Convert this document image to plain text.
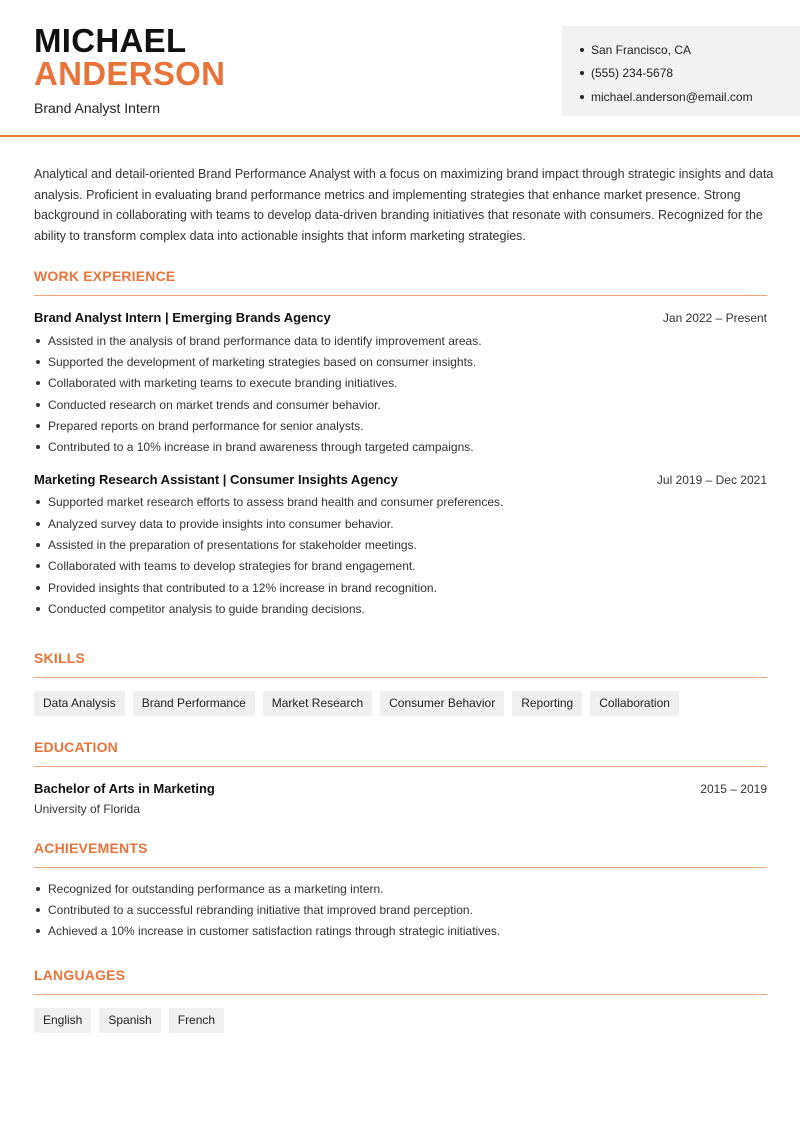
MICHAEL
ANDERSON
Brand Analyst Intern
San Francisco, CA
(555) 234-5678
michael.anderson@email.com

Analytical and detail-oriented Brand Performance Analyst with a focus on maximizing brand impact through strategic insights and data analysis. Proficient in evaluating brand performance metrics and implementing strategies that enhance market presence. Strong background in collaborating with teams to develop data-driven branding initiatives that resonate with consumers. Recognized for the ability to transform complex data into actionable insights that inform marketing strategies.

WORK EXPERIENCE
Brand Analyst Intern | Emerging Brands Agency	Jan 2022 – Present
Assisted in the analysis of brand performance data to identify improvement areas.
Supported the development of marketing strategies based on consumer insights.
Collaborated with marketing teams to execute branding initiatives.
Conducted research on market trends and consumer behavior.
Prepared reports on brand performance for senior analysts.
Contributed to a 10% increase in brand awareness through targeted campaigns.
Marketing Research Assistant | Consumer Insights Agency	Jul 2019 – Dec 2021
Supported market research efforts to assess brand health and consumer preferences.
Analyzed survey data to provide insights into consumer behavior.
Assisted in the preparation of presentations for stakeholder meetings.
Collaborated with teams to develop strategies for brand engagement.
Provided insights that contributed to a 12% increase in brand recognition.
Conducted competitor analysis to guide branding decisions.
SKILLS
Data Analysis	Brand Performance	Market Research	Consumer Behavior	Reporting	Collaboration
EDUCATION
Bachelor of Arts in Marketing	2015 – 2019
University of Florida
ACHIEVEMENTS
Recognized for outstanding performance as a marketing intern.
Contributed to a successful rebranding initiative that improved brand perception.
Achieved a 10% increase in customer satisfaction ratings through strategic initiatives.
LANGUAGES
English	Spanish	French
